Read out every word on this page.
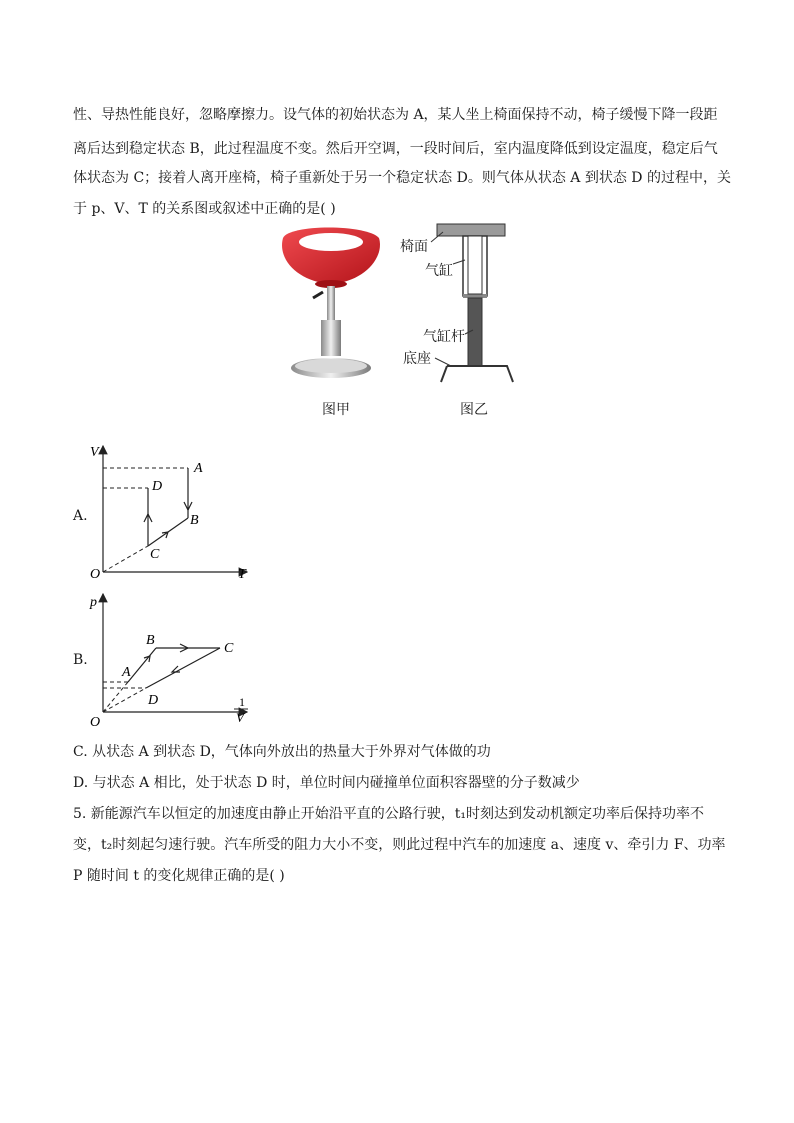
性、导热性能良好，忽略摩擦力。设气体的初始状态为 A，某人坐上椅面保持不动，椅子缓慢下降一段距
离后达到稳定状态 B，此过程温度不变。然后开空调，一段时间后，室内温度降低到设定温度，稳定后气
体状态为 C；接着人离开座椅，椅子重新处于另一个稳定状态 D。则气体从状态 A 到状态 D 的过程中，关
于 p、V、T 的关系图或叙述中正确的是( )
图甲
椅面
气缸
气缸杆
底座
图乙
A.
V
T
O
A
B
C
D
B.
p
1
V
O
A
B
C
D
C. 从状态 A 到状态 D，气体向外放出的热量大于外界对气体做的功
D. 与状态 A 相比，处于状态 D 时，单位时间内碰撞单位面积容器壁的分子数减少
5. 新能源汽车以恒定的加速度由静止开始沿平直的公路行驶，t₁时刻达到发动机额定功率后保持功率不
变，t₂时刻起匀速行驶。汽车所受的阻力大小不变，则此过程中汽车的加速度 a、速度 v、牵引力 F、功率
P 随时间 t 的变化规律正确的是( )
